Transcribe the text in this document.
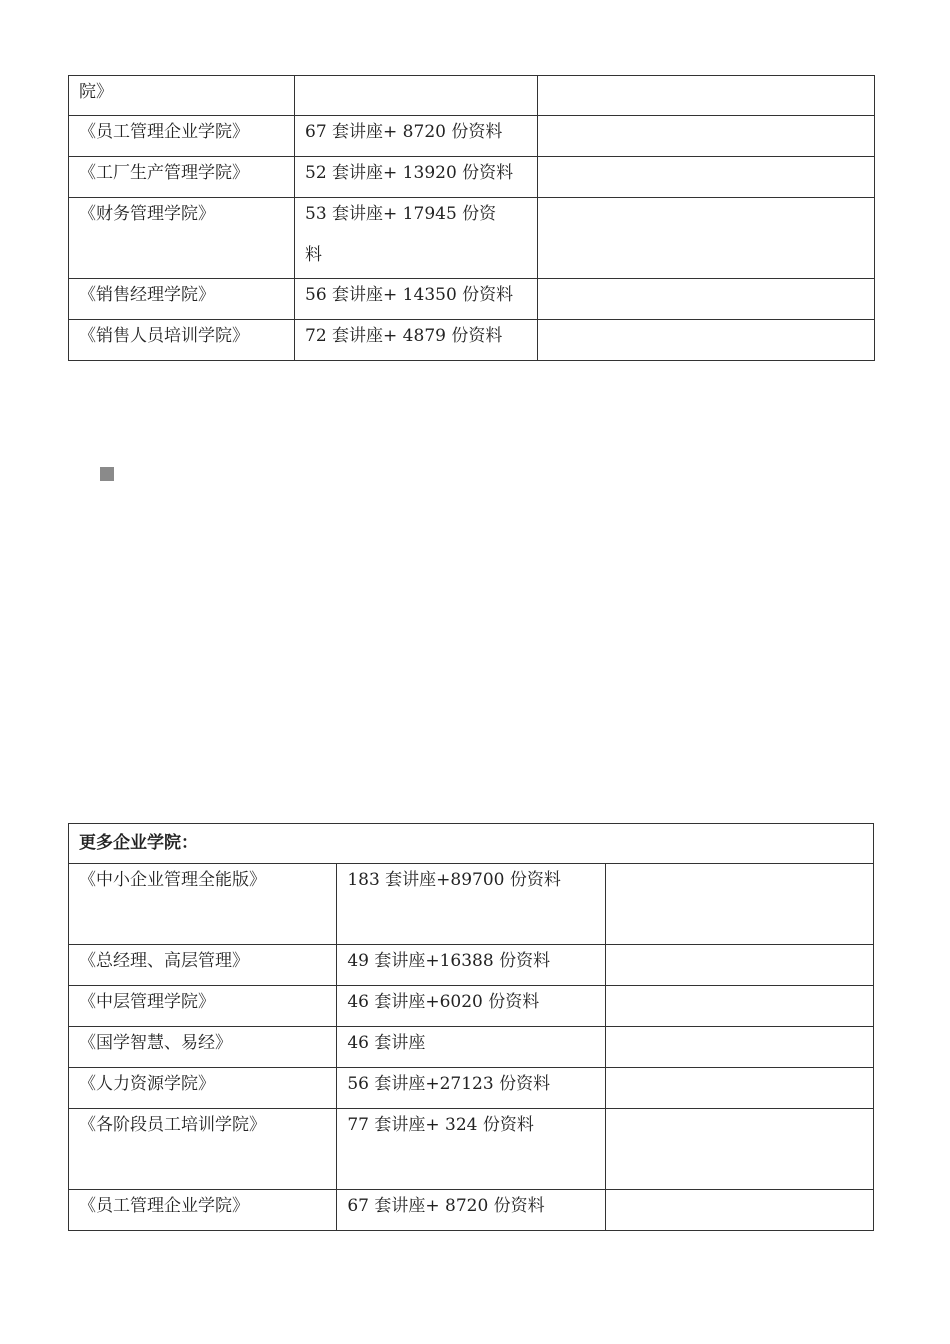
院》		

《员工管理企业学院》	67 套讲座+ 8720 份资料	

《工厂生产管理学院》	52 套讲座+ 13920 份资料	

《财务管理学院》	53 套讲座+ 17945 份资料	

《销售经理学院》	56 套讲座+ 14350 份资料	

《销售人员培训学院》	72 套讲座+ 4879 份资料	

更多企业学院：		

《中小企业管理全能版》	183 套讲座+89700 份资料	

《总经理、高层管理》	49 套讲座+16388 份资料	

《中层管理学院》	46 套讲座+6020 份资料	

《国学智慧、易经》	46 套讲座	

《人力资源学院》	56 套讲座+27123 份资料	

《各阶段员工培训学院》	77 套讲座+ 324 份资料	

《员工管理企业学院》	67 套讲座+ 8720 份资料	
